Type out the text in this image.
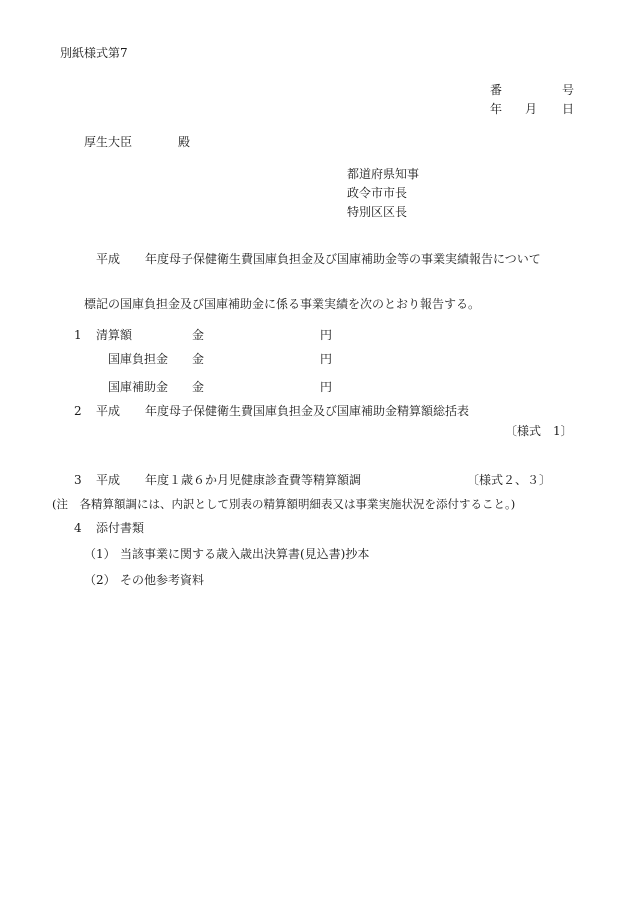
別紙様式第7
番	号
年 月 日
厚生大臣	殿
都道府県知事
政令市市長
特別区区長
平成 年度母子保健衛生費国庫負担金及び国庫補助金等の事業実績報告について
標記の国庫負担金及び国庫補助金に係る事業実績を次のとおり報告する。
1 清算額	金	円
国庫負担金 金	円
国庫補助金 金	円
2 平成 年度母子保健衛生費国庫負担金及び国庫補助金精算額総括表
〔様式　1〕
3 平成 年度１歳６か月児健康診査費等精算額調	〔様式２、３〕
(注　各精算額調には、内訳として別表の精算額明細表又は事業実施状況を添付すること。)
4 添付書類
（1） 当該事業に関する歳入歳出決算書(見込書)抄本
（2） その他参考資料
